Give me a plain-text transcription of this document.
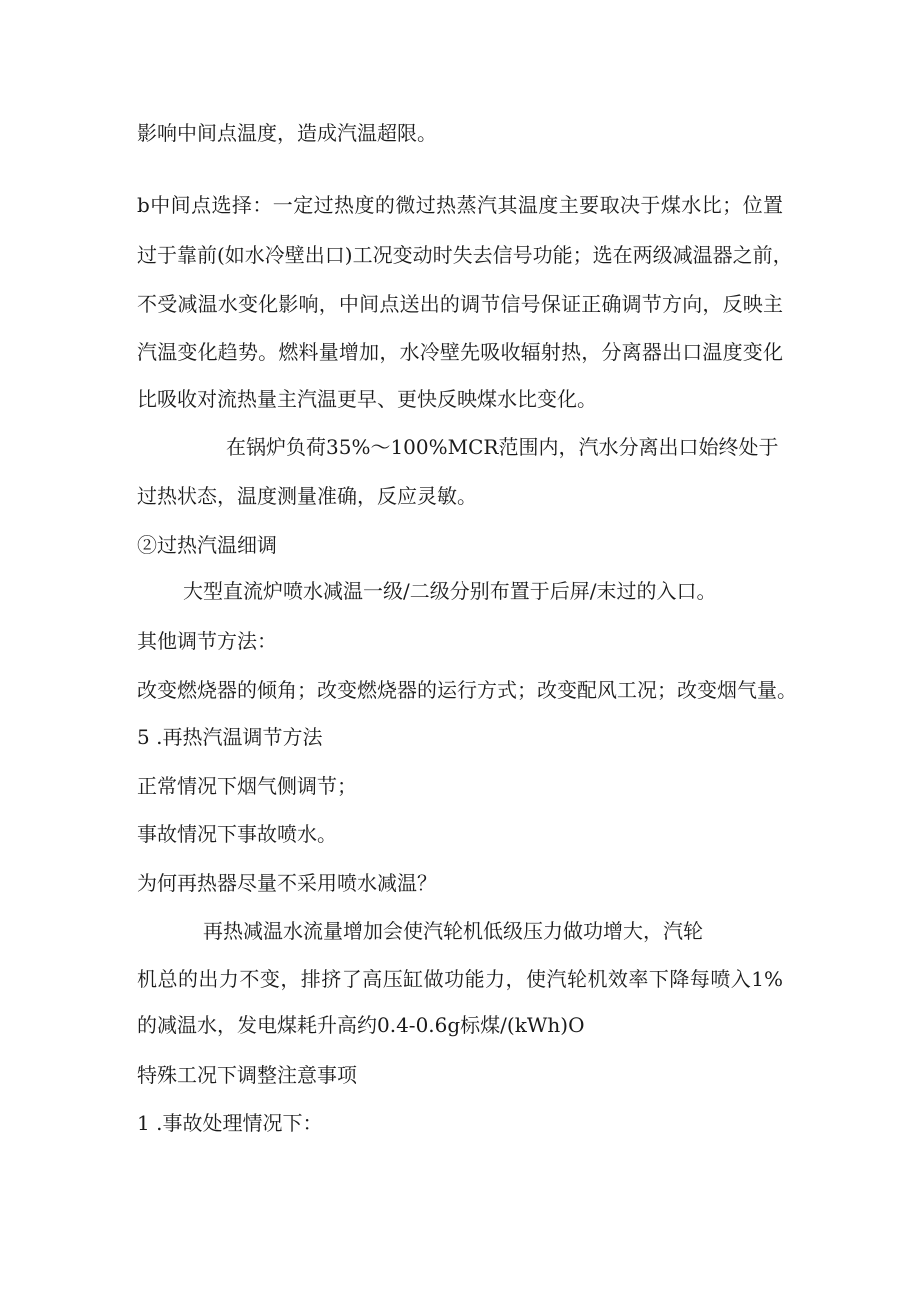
影响中间点温度，造成汽温超限。
b中间点选择：一定过热度的微过热蒸汽其温度主要取决于煤水比；位置
过于靠前(如水冷壁出口)工况变动时失去信号功能；选在两级减温器之前，
不受减温水变化影响，中间点送出的调节信号保证正确调节方向，反映主
汽温变化趋势。燃料量增加，水冷壁先吸收辐射热，分离器出口温度变化
比吸收对流热量主汽温更早、更快反映煤水比变化。
在锅炉负荷35%～100%MCR范围内，汽水分离出口始终处于
过热状态，温度测量准确，反应灵敏。
②过热汽温细调
大型直流炉喷水减温一级/二级分别布置于后屏/末过的入口。
其他调节方法：
改变燃烧器的倾角；改变燃烧器的运行方式；改变配风工况；改变烟气量。
5 .再热汽温调节方法
正常情况下烟气侧调节；
事故情况下事故喷水。
为何再热器尽量不采用喷水减温？
再热减温水流量增加会使汽轮机低级压力做功增大，汽轮
机总的出力不变，排挤了高压缸做功能力，使汽轮机效率下降每喷入1%
的减温水，发电煤耗升高约0.4-0.6g标煤/(kWh)O
特殊工况下调整注意事项
1 .事故处理情况下：
